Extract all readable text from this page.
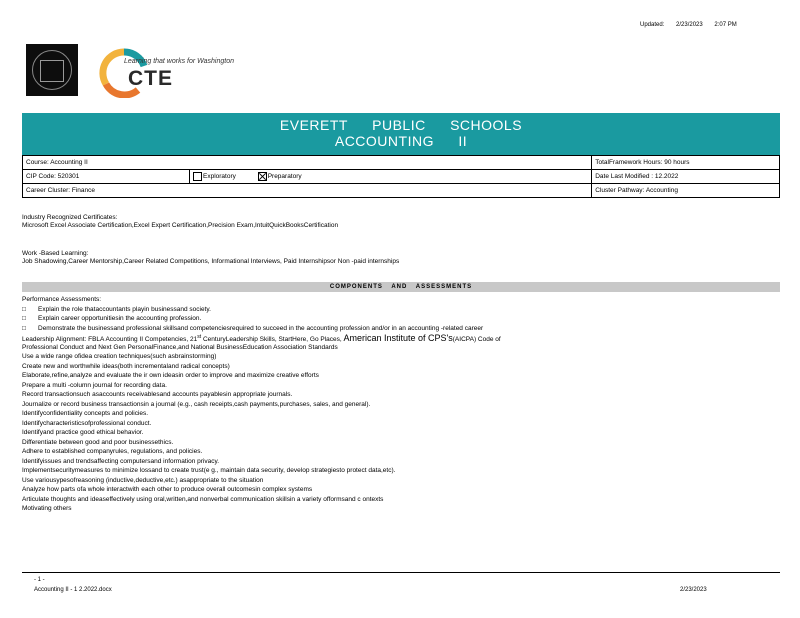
Updated: 2/23/2023 2:07 PM
Learning that works for Washington
CTE
EVERETT PUBLIC SCHOOLS
ACCOUNTING II
Course: Accounting II		TotalFramework Hours: 90 hours
CIP Code: 520301	Exploratory Preparatory	Date Last Modified : 12.2022
Career Cluster: Finance		Cluster Pathway: Accounting
Industry Recognized Certificates:
Microsoft Excel Associate Certification,Excel Expert Certification,Precision Exam,IntuitQuickBooksCertification
Work -Based Learning:
Job Shadowing,Career Mentorship,Career Related Competitions, Informational Interviews, Paid Internshipsor Non -paid internships
COMPONENTS AND ASSESSMENTS
Performance Assessments:
□ Explain the role thataccountants playin businessand society.
□ Explain career opportunitiesin the accounting profession.
□ Demonstrate the businessand professional skillsand competenciesrequired to succeed in the accounting profession and/or in an accounting -related career
Leadership Alignment: FBLA Accounting II Competencies, 21st CenturyLeadership Skills, StartHere, Go Places, American Institute of CPS's(AICPA) Code of
Professional Conduct and Next Gen PersonalFinance,and National BusinessEducation Association Standards
Use a wide range ofidea creation techniques(such asbrainstorming)
Create new and worthwhile ideas(both incrementaland radical concepts)
Elaborate,refine,analyze and evaluate the ir own ideasin order to improve and maximize creative efforts
Prepare a multi -column journal for recording data.
Record transactionsuch asaccounts receivablesand accounts payablesin appropriate journals.
Journalize or record business transactionsin a journal (e.g., cash receipts,cash payments,purchases, sales, and general).
Identifyconfidentiality concepts and policies.
Identifycharacteristicsofprofessional conduct.
Identifyand practice good ethical behavior.
Differentiate between good and poor businessethics.
Adhere to established companyrules, regulations, and policies.
Identifyissues and trendsaffecting computersand information privacy.
Implementsecuritymeasures to minimize lossand to create trust(e g., maintain data security, develop strategiesto protect data,etc).
Use variousypesofreasoning (inductive,deductive,etc.) asappropriate to the situation
Analyze how parts ofa whole interactwith each other to produce overall outcomesin complex systems
Articulate thoughts and ideaseffectively using oral,written,and nonverbal communication skillsin a variety offormsand c ontexts
Motivating others
- 1 -
Accounting II - 1 2.2022.docx	2/23/2023
